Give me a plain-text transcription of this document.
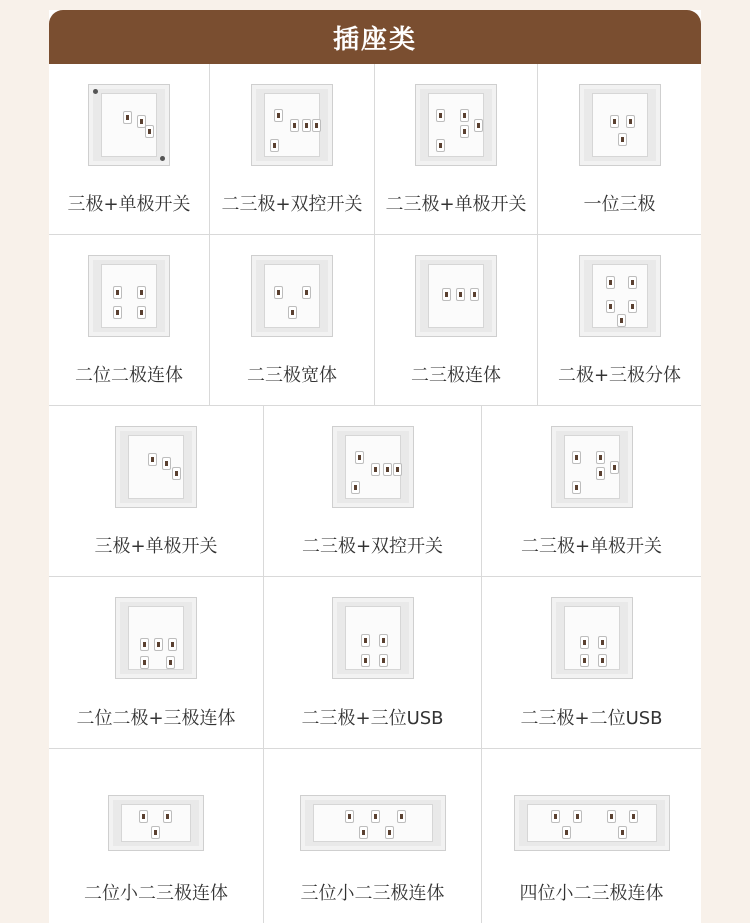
插座类
三极+单极开关	二三极+双控开关	二三极+单极开关	一位三极
二位二极连体	二三极宽体	二三极连体	二极+三极分体
三极+单极开关	二三极+双控开关	二三极+单极开关
二位二极+三极连体	二三极+三位USB	二三极+二位USB
二位小二三极连体	三位小二三极连体	四位小二三极连体
